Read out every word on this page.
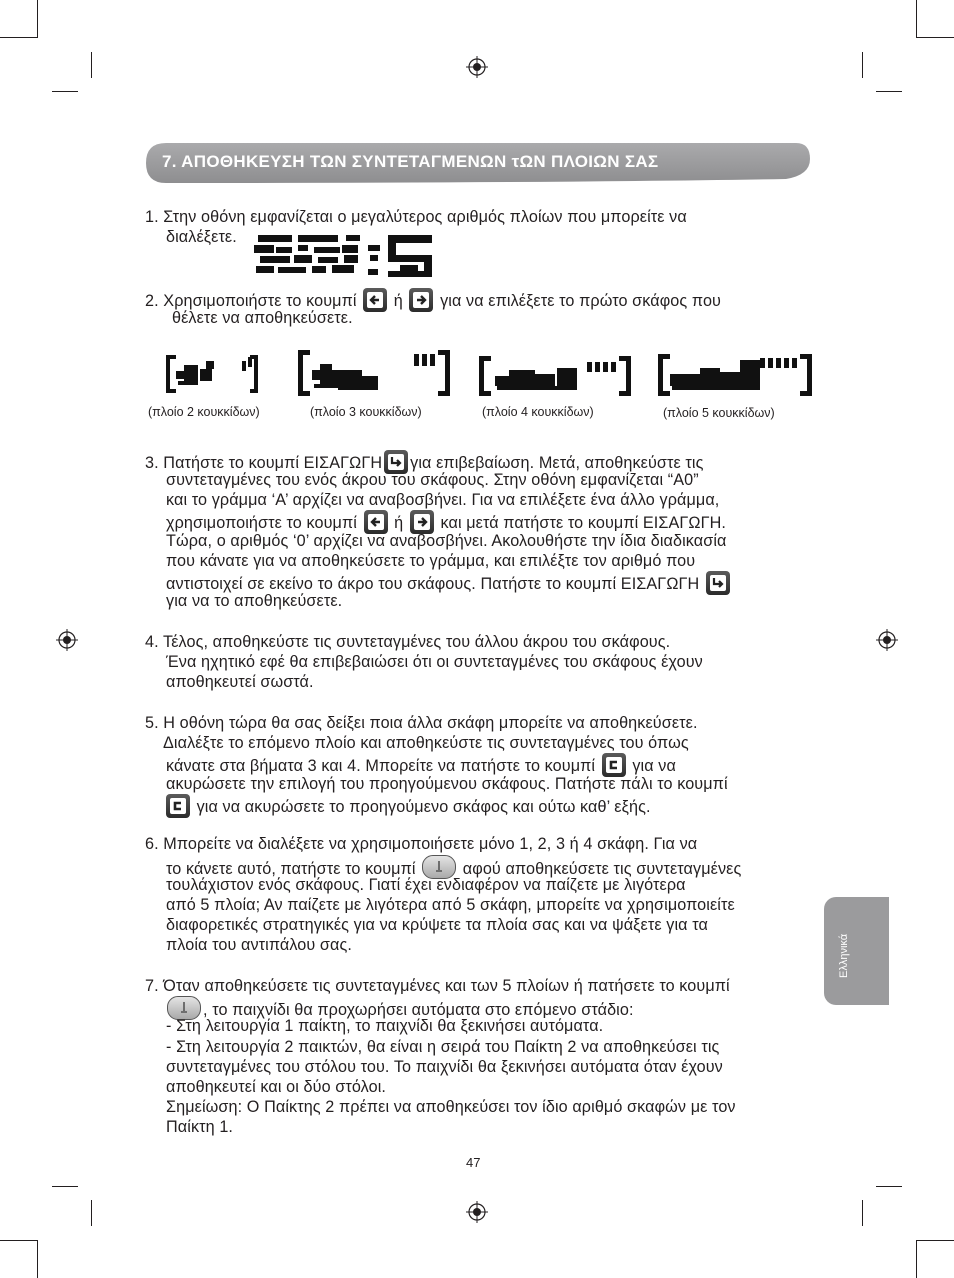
7. ΑΠΟΘΗΚΕΥΣΗ ΤΩΝ ΣΥΝΤΕΤΑΓΜΕΝΩΝ τΩΝ ΠΛΟΙΩΝ ΣΑΣ
1. Στην οθόνη εμφανίζεται ο μεγαλύτερος αριθμός πλοίων που μπορείτε να
διαλέξετε.
2. Χρησιμοποιήστε το κουμπί ή για να επιλέξετε το πρώτο σκάφος που
θέλετε να αποθηκεύσετε.
(πλοίο 2 κουκκίδων)	(πλοίο 3 κουκκίδων)	(πλοίο 4 κουκκίδων)	(πλοίο 5 κουκκίδων)
3. Πατήστε το κουμπί ΕΙΣΑΓΩΓΗ για επιβεβαίωση. Μετά, αποθηκεύστε τις
συντεταγμένες του ενός άκρου του σκάφους. Στην οθόνη εμφανίζεται “A0”
και το γράμμα ‘A’ αρχίζει να αναβοσβήνει. Για να επιλέξετε ένα άλλο γράμμα,
χρησιμοποιήστε το κουμπί ή και μετά πατήστε το κουμπί ΕΙΣΑΓΩΓΗ.
Τώρα, ο αριθμός ‘0’ αρχίζει να αναβοσβήνει. Ακολουθήστε την ίδια διαδικασία
που κάνατε για να αποθηκεύσετε το γράμμα, και επιλέξτε τον αριθμό που
αντιστοιχεί σε εκείνο το άκρο του σκάφους. Πατήστε το κουμπί ΕΙΣΑΓΩΓΗ
για να το αποθηκεύσετε.
4. Τέλος, αποθηκεύστε τις συντεταγμένες του άλλου άκρου του σκάφους.
Ένα ηχητικό εφέ θα επιβεβαιώσει ότι οι συντεταγμένες του σκάφους έχουν
αποθηκευτεί σωστά.
5. Η οθόνη τώρα θα σας δείξει ποια άλλα σκάφη μπορείτε να αποθηκεύσετε.
Διαλέξτε το επόμενο πλοίο και αποθηκεύστε τις συντεταγμένες του όπως
κάνατε στα βήματα 3 και 4. Μπορείτε να πατήστε το κουμπί για να
ακυρώσετε την επιλογή του προηγούμενου σκάφους. Πατήστε πάλι το κουμπί
για να ακυρώσετε το προηγούμενο σκάφος και ούτω καθ’ εξής.
6. Μπορείτε να διαλέξετε να χρησιμοποιήσετε μόνο 1, 2, 3 ή 4 σκάφη. Για να
το κάνετε αυτό, πατήστε το κουμπί	αφού αποθηκεύσετε τις συντεταγμένες
τουλάχιστον ενός σκάφους. Γιατί έχει ενδιαφέρον να παίζετε με λιγότερα
από 5 πλοία; Αν παίζετε με λιγότερα από 5 σκάφη, μπορείτε να χρησιμοποιείτε
διαφορετικές στρατηγικές για να κρύψετε τα πλοία σας και να ψάξετε για τα
πλοία του αντιπάλου σας.
7. Όταν αποθηκεύσετε τις συντεταγμένες και των 5 πλοίων ή πατήσετε το κουμπί
, το παιχνίδι θα προχωρήσει αυτόματα στο επόμενο στάδιο:
- Στη λειτουργία 1 παίκτη, το παιχνίδι θα ξεκινήσει αυτόματα.
- Στη λειτουργία 2 παικτών, θα είναι η σειρά του Παίκτη 2 να αποθηκεύσει τις
συντεταγμένες του στόλου του. Το παιχνίδι θα ξεκινήσει αυτόματα όταν έχουν
αποθηκευτεί και οι δύο στόλοι.
Σημείωση: Ο Παίκτης 2 πρέπει να αποθηκεύσει τον ίδιο αριθμό σκαφών με τον
Παίκτη 1.
Ελληνικά
47
